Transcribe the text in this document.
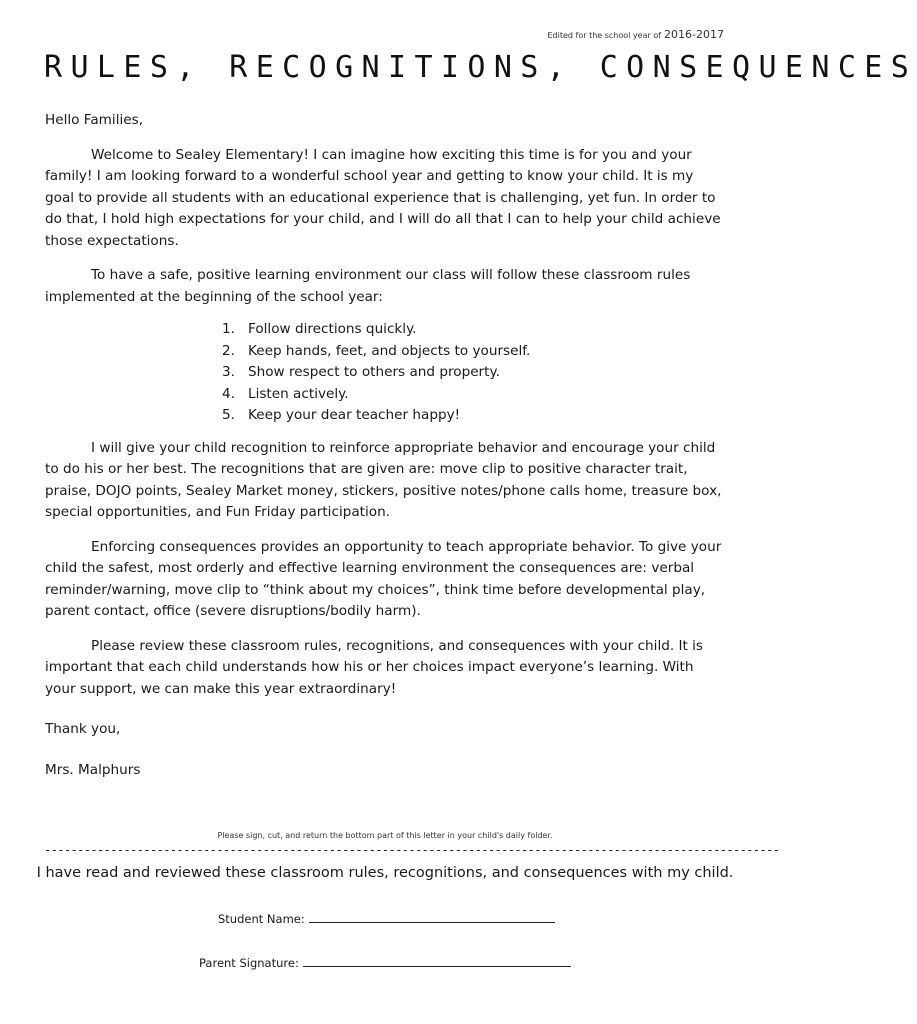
Edited for the school year of 2016-2017
RULES, RECOGNITIONS, CONSEQUENCES

Hello Families,

Welcome to Sealey Elementary! I can imagine how exciting this time is for you and your family! I am looking forward to a wonderful school year and getting to know your child. It is my goal to provide all students with an educational experience that is challenging, yet fun. In order to do that, I hold high expectations for your child, and I will do all that I can to help your child achieve those expectations.

To have a safe, positive learning environment our class will follow these classroom rules implemented at the beginning of the school year:

1. Follow directions quickly.
2. Keep hands, feet, and objects to yourself.
3. Show respect to others and property.
4. Listen actively.
5. Keep your dear teacher happy!

I will give your child recognition to reinforce appropriate behavior and encourage your child to do his or her best. The recognitions that are given are: move clip to positive character trait, praise, DOJO points, Sealey Market money, stickers, positive notes/phone calls home, treasure box, special opportunities, and Fun Friday participation.

Enforcing consequences provides an opportunity to teach appropriate behavior. To give your child the safest, most orderly and effective learning environment the consequences are: verbal reminder/warning, move clip to “think about my choices”, think time before developmental play, parent contact, office (severe disruptions/bodily harm).

Please review these classroom rules, recognitions, and consequences with your child. It is important that each child understands how his or her choices impact everyone’s learning. With your support, we can make this year extraordinary!

Thank you,

Mrs. Malphurs

Please sign, cut, and return the bottom part of this letter in your child's daily folder.
---------------------------------------------------------------------------------------------------------------
I have read and reviewed these classroom rules, recognitions, and consequences with my child.
Student Name:
Parent Signature:
